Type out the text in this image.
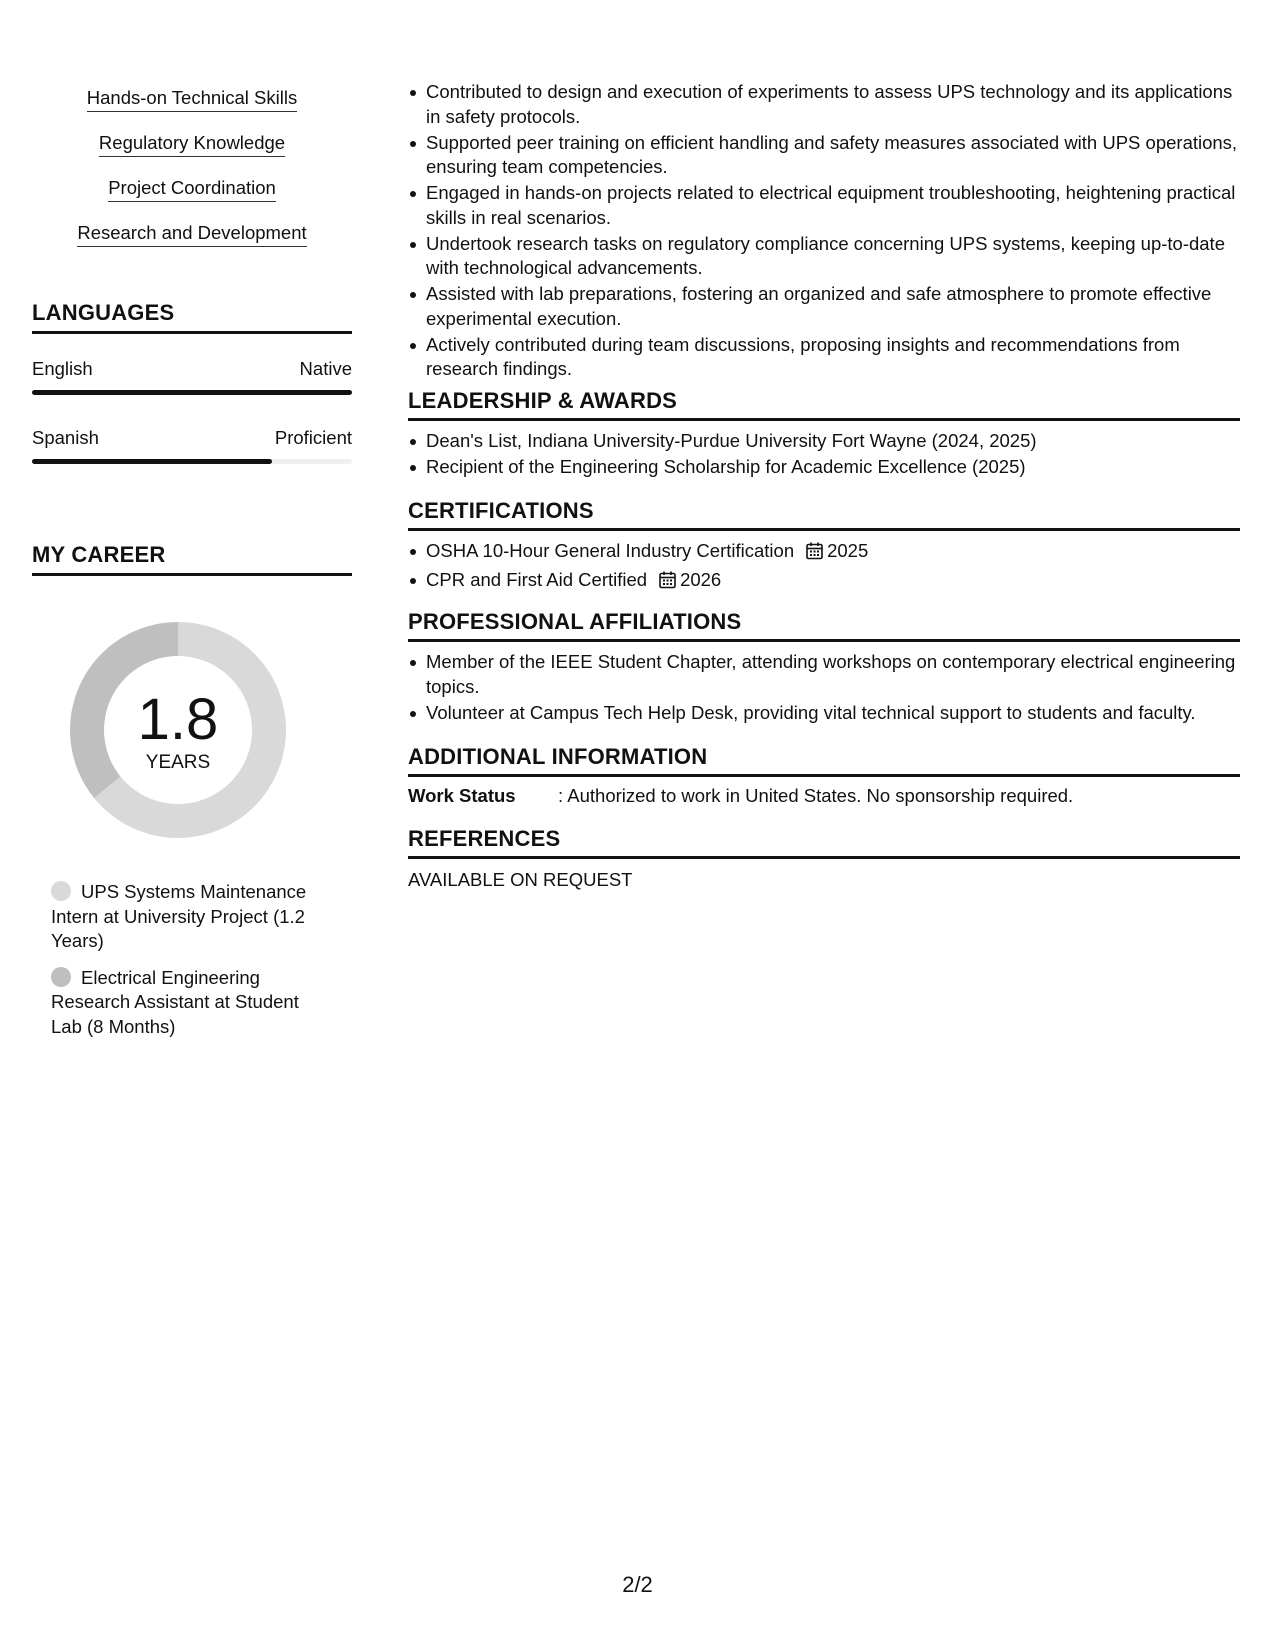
Hands-on Technical Skills
Regulatory Knowledge
Project Coordination
Research and Development
LANGUAGES
English	Native
Spanish	Proficient
MY CAREER
1.8
YEARS
UPS Systems Maintenance Intern at University Project (1.2 Years)
Electrical Engineering Research Assistant at Student Lab (8 Months)
Contributed to design and execution of experiments to assess UPS technology and its applications in safety protocols.
Supported peer training on efficient handling and safety measures associated with UPS operations, ensuring team competencies.
Engaged in hands-on projects related to electrical equipment troubleshooting, heightening practical skills in real scenarios.
Undertook research tasks on regulatory compliance concerning UPS systems, keeping up-to-date with technological advancements.
Assisted with lab preparations, fostering an organized and safe atmosphere to promote effective experimental execution.
Actively contributed during team discussions, proposing insights and recommendations from research findings.
LEADERSHIP & AWARDS
Dean's List, Indiana University-Purdue University Fort Wayne (2024, 2025)
Recipient of the Engineering Scholarship for Academic Excellence (2025)
CERTIFICATIONS
OSHA 10-Hour General Industry Certification 2025
CPR and First Aid Certified 2026
PROFESSIONAL AFFILIATIONS
Member of the IEEE Student Chapter, attending workshops on contemporary electrical engineering topics.
Volunteer at Campus Tech Help Desk, providing vital technical support to students and faculty.
ADDITIONAL INFORMATION
Work Status	: Authorized to work in United States. No sponsorship required.
REFERENCES
AVAILABLE ON REQUEST
2/2
